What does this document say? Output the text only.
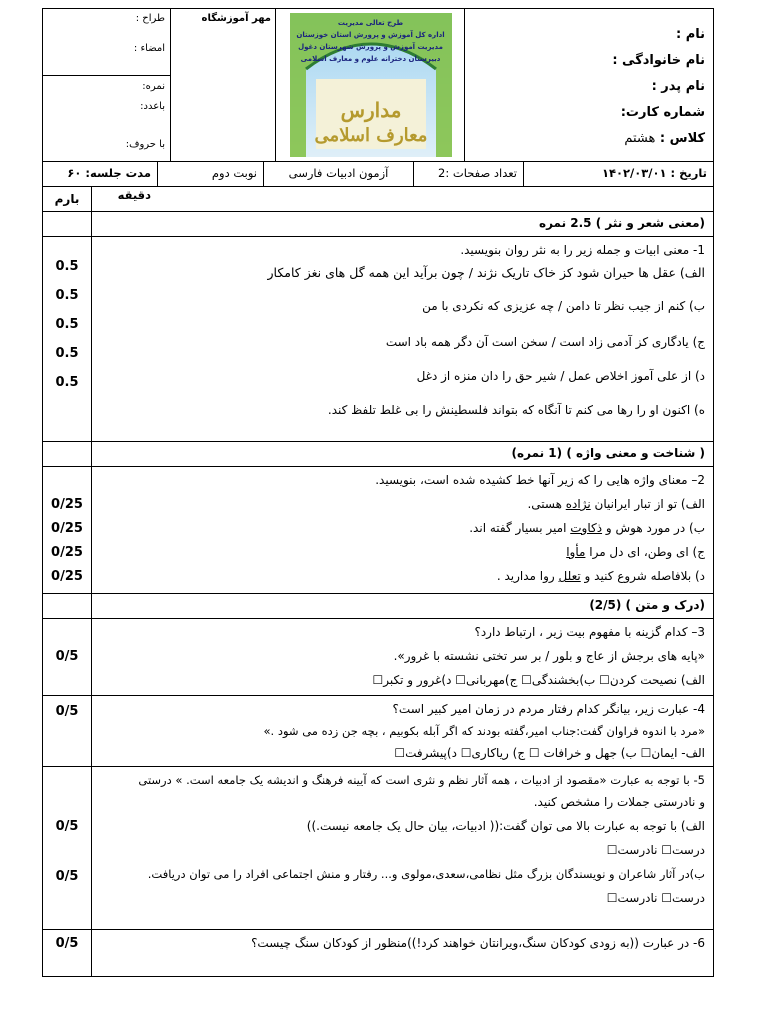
نام :
نام خانوادگی :
نام پدر :
شماره کارت:
کلاس : هشتم
مدارس
معارف اسلامی
طرح تعالی مدیریت
اداره کل آموزش و پرورش استان خوزستان
مدیریت آموزش و پرورش شهرستان دغول
دبیرستان دخترانه علوم و معارف اسلامی
مهر آموزشگاه
طراح :
امضاء :
نمره:
باعدد:
با حروف:
تاریخ : ۱۴۰۲/۰۳/۰۱
تعداد صفحات :2
آزمون ادبیات فارسی
نوبت دوم
مدت جلسه: ۶۰ دقیقه
بارم
(معنی شعر و نثر ) 2.5 نمره
1- معنی ابیات و جمله زیر را به نثر روان بنویسید.
الف) عقل ها حیران شود کز خاک تاریک نژند / چون برآید این همه گل های نغز کامکار
ب) کنم از جیب نظر تا دامن / چه عزیزی که نکردی با من
ج) یادگاری کز آدمی زاد است / سخن است آن دگر همه باد است
د) از علی آموز اخلاص عمل / شیر حق را دان منزه از دغل
ه) اکنون او را رها می کنم تا آنگاه که بتواند فلسطینش را بی غلط تلفظ کند.
0.5
0.5
0.5
0.5
0.5
( شناخت و معنی واژه ) (1 نمره)
2– معنای واژه هایی را که زیر آنها خط کشیده شده است، بنویسید.
الف) تو از تبار ایرانیان نژاده هستی.
ب) در مورد هوش و ذکاوت امیر بسیار گفته اند.
ج) ای وطن، ای دل مرا مأوا
د) بلافاصله شروع کنید و تعلل روا مدارید .
0/25
0/25
0/25
0/25
(درک و متن ) (2/5)
3– کدام گزینه با مفهوم بیت زیر ، ارتباط دارد؟
«پایه های برجش از عاج و بلور / بر سر تختی نشسته با غرور».
الف) نصیحت کردن☐ ب)بخشندگی☐ ج)مهربانی☐ د)غرور و تکبر☐
0/5
4- عبارت زیر، بیانگر کدام رفتار مردم در زمان امیر کبیر است؟
«مرد با اندوه فراوان گفت:جناب امیر،گفته بودند که اگر آبله بکوبیم ، بچه جن زده می شود .»
الف- ایمان☐ ب) جهل و خرافات ☐ ج) ریاکاری☐ د)پیشرفت☐
0/5
5- با توجه به عبارت «مقصود از ادبیات ، همه آثار نظم و نثری است که آیینه فرهنگ و اندیشه یک جامعه است. » درستی
و نادرستی جملات را مشخص کنید.
الف) با توجه به عبارت بالا می توان گفت:(( ادبیات، بیان حال یک جامعه نیست.))
درست☐ نادرست☐
ب)در آثار شاعران و نویسندگان بزرگ مثل نظامی،سعدی،مولوی و... رفتار و منش اجتماعی افراد را می توان دریافت.
درست☐ نادرست☐
0/5
0/5
6- در عبارت ((به زودی کودکان سنگ،ویرانتان خواهند کرد!))منظور از کودکان سنگ چیست؟
0/5
